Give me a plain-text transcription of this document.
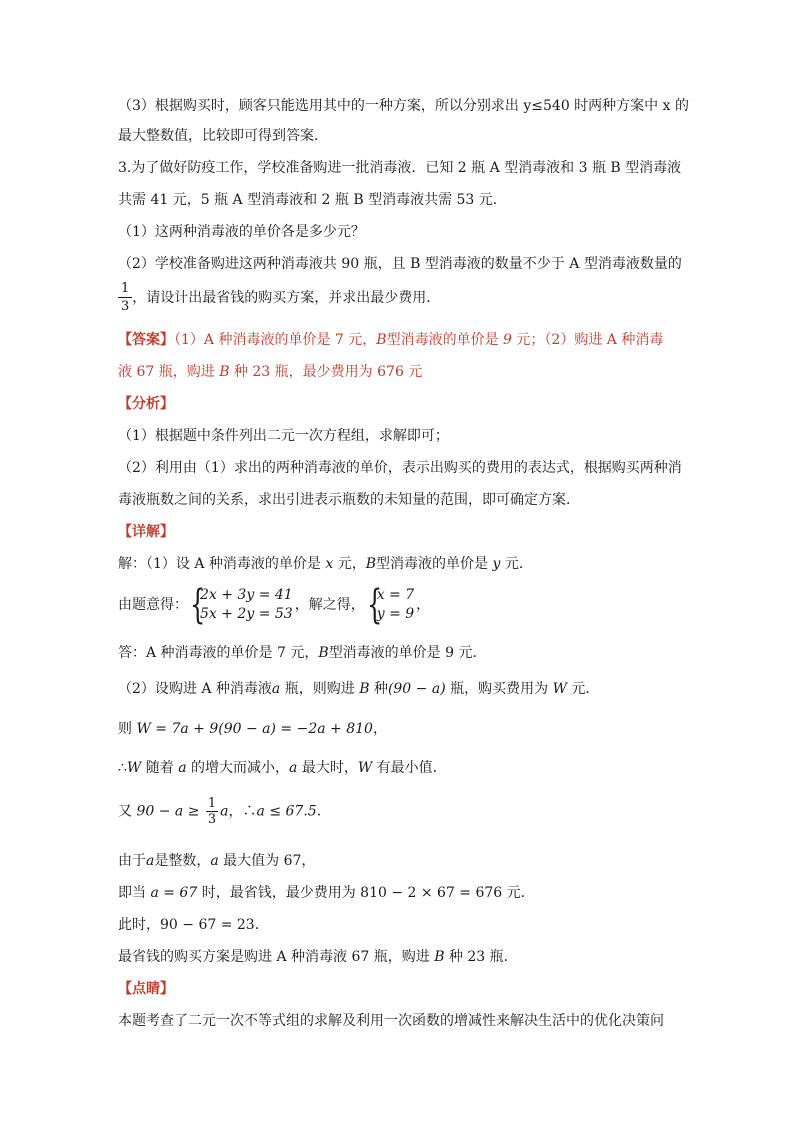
（3）根据购买时，顾客只能选用其中的一种方案，所以分别求出 y≤540 时两种方案中 x 的
最大整数值，比较即可得到答案．
3.为了做好防疫工作，学校准备购进一批消毒液．已知 2 瓶 A 型消毒液和 3 瓶 B 型消毒液
共需 41 元，5 瓶 A 型消毒液和 2 瓶 B 型消毒液共需 53 元．
（1）这两种消毒液的单价各是多少元？
（2）学校准备购进这两种消毒液共 90 瓶，且 B 型消毒液的数量不少于 A 型消毒液数量的
$\frac{1}{3}$ ，请设计出最省钱的购买方案，并求出最少费用．
【答案】（1）A 种消毒液的单价是 7 元，B型消毒液的单价是 9 元；（2）购进 A 种消毒
液 67 瓶，购进 B 种 23 瓶，最少费用为 676 元
【分析】
（1）根据题中条件列出二元一次方程组，求解即可；
（2）利用由（1）求出的两种消毒液的单价，表示出购买的费用的表达式，根据购买两种消
毒液瓶数之间的关系，求出引进表示瓶数的未知量的范围，即可确定方案．
【详解】
解：（1）设 A 种消毒液的单价是 x 元，B型消毒液的单价是 y 元．
由题意得： {
2x + 3y = 41
5x + 2y = 53
，解之得， {
x = 7
y = 9
，
答：A 种消毒液的单价是 7 元，B型消毒液的单价是 9 元．
（2）设购进 A 种消毒液a 瓶，则购进 B 种(90 − a) 瓶，购买费用为 W 元．
则 W = 7a + 9(90 − a) = −2a + 810，
∴W 随着 a 的增大而减小，a 最大时，W 有最小值．
又 $90 - a \ge \frac{1}{3}$ a，∴a ≤ 67.5．
由于a是整数，a 最大值为 67，
即当 a = 67 时，最省钱，最少费用为 810 − 2 × 67 = 676 元．
此时，90 − 67 = 23．
最省钱的购买方案是购进 A 种消毒液 67 瓶，购进 B 种 23 瓶．
【点睛】
本题考查了二元一次不等式组的求解及利用一次函数的增减性来解决生活中的优化决策问
